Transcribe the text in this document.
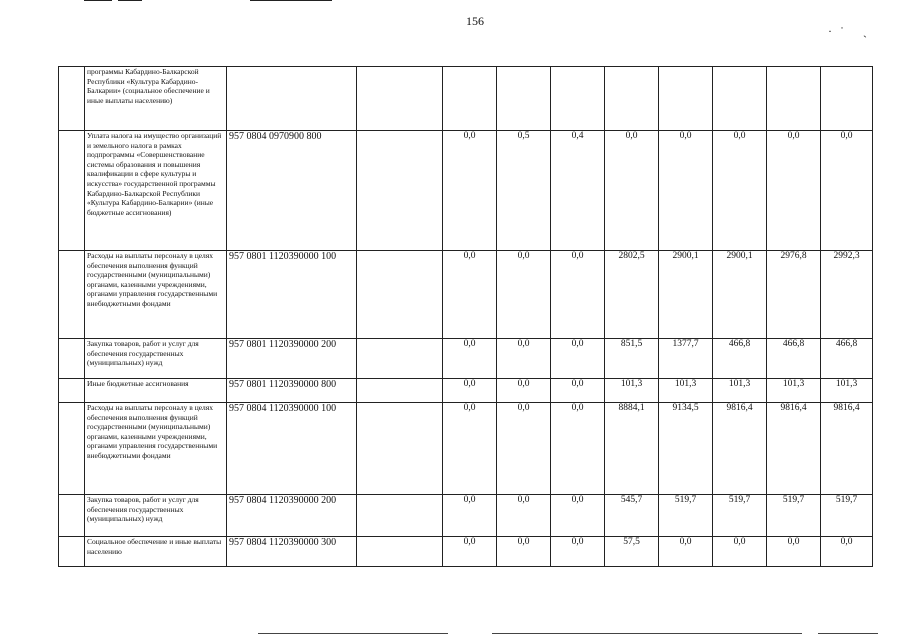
156
·˙ ˏ
	программы Кабардино-Балкарской Республики «Культура Кабардино-Балкарии» (социальное обеспечение и иные выплаты населению)										
	Уплата налога на имущество организаций и земельного налога в рамках подпрограммы «Совершенствование системы образования и повышения квалификации в сфере культуры и искусства» государственной программы Кабардино-Балкарской Республики «Культура Кабардино-Балкарии» (иные бюджетные ассигнования)	957 0804 0970900 800		0,0	0,5	0,4	0,0	0,0	0,0	0,0	0,0
	Расходы на выплаты персоналу в целях обеспечения выполнения функций государственными (муниципальными) органами, казенными учреждениями, органами управления государственными внебюджетными фондами	957 0801 1120390000 100		0,0	0,0	0,0	2802,5	2900,1	2900,1	2976,8	2992,3
	Закупка товаров, работ и услуг для обеспечения государственных (муниципальных) нужд	957 0801 1120390000 200		0,0	0,0	0,0	851,5	1377,7	466,8	466,8	466,8
	Иные бюджетные ассигнования	957 0801 1120390000 800		0,0	0,0	0,0	101,3	101,3	101,3	101,3	101,3
	Расходы на выплаты персоналу в целях обеспечения выполнения функций государственными (муниципальными) органами, казенными учреждениями, органами управления государственными внебюджетными фондами	957 0804 1120390000 100		0,0	0,0	0,0	8884,1	9134,5	9816,4	9816,4	9816,4
	Закупка товаров, работ и услуг для обеспечения государственных (муниципальных) нужд	957 0804 1120390000 200		0,0	0,0	0,0	545,7	519,7	519,7	519,7	519,7
	Социальное обеспечение и иные выплаты населению	957 0804 1120390000 300		0,0	0,0	0,0	57,5	0,0	0,0	0,0	0,0
